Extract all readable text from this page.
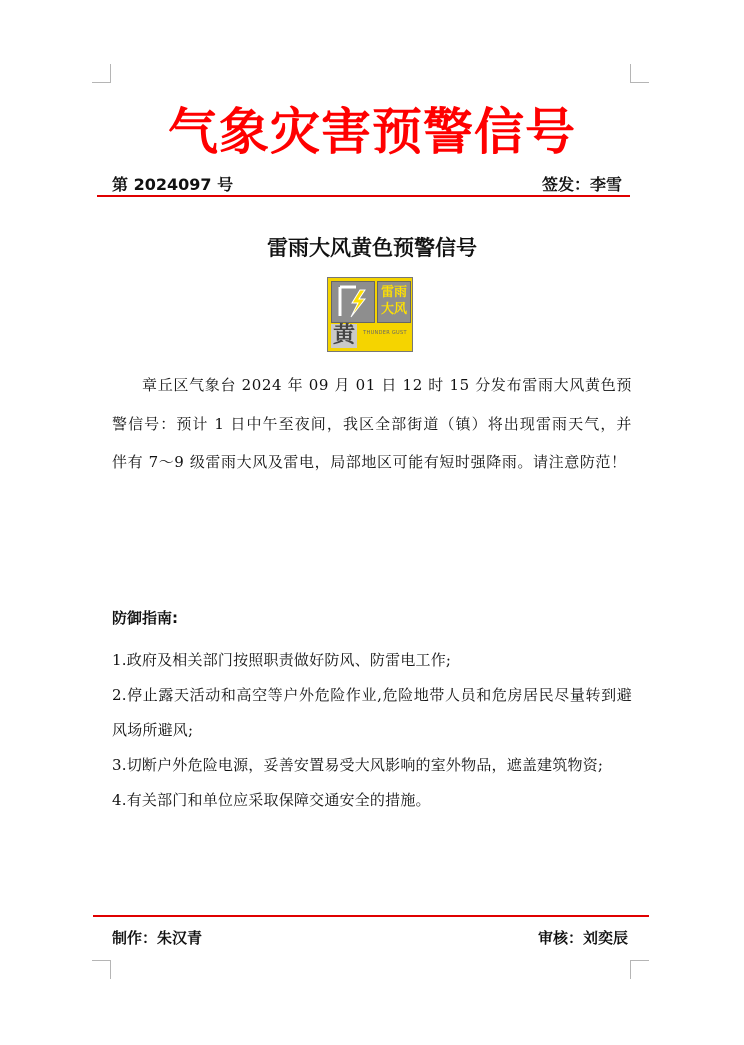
气象灾害预警信号
第 2024097 号	签发：李雪
雷雨大风黄色预警信号
雷雨
大风
黄	THUNDER GUST
章丘区气象台 2024 年 09 月 01 日 12 时 15 分发布雷雨大风黄色预警信号：预计 1 日中午至夜间，我区全部街道（镇）将出现雷雨天气，并伴有 7～9 级雷雨大风及雷电，局部地区可能有短时强降雨。请注意防范！
防御指南:
1.政府及相关部门按照职责做好防风、防雷电工作;
2.停止露天活动和高空等户外危险作业,危险地带人员和危房居民尽量转到避风场所避风;
3.切断户外危险电源，妥善安置易受大风影响的室外物品，遮盖建筑物资;
4.有关部门和单位应采取保障交通安全的措施。
制作：朱汉青	审核：刘奕辰
